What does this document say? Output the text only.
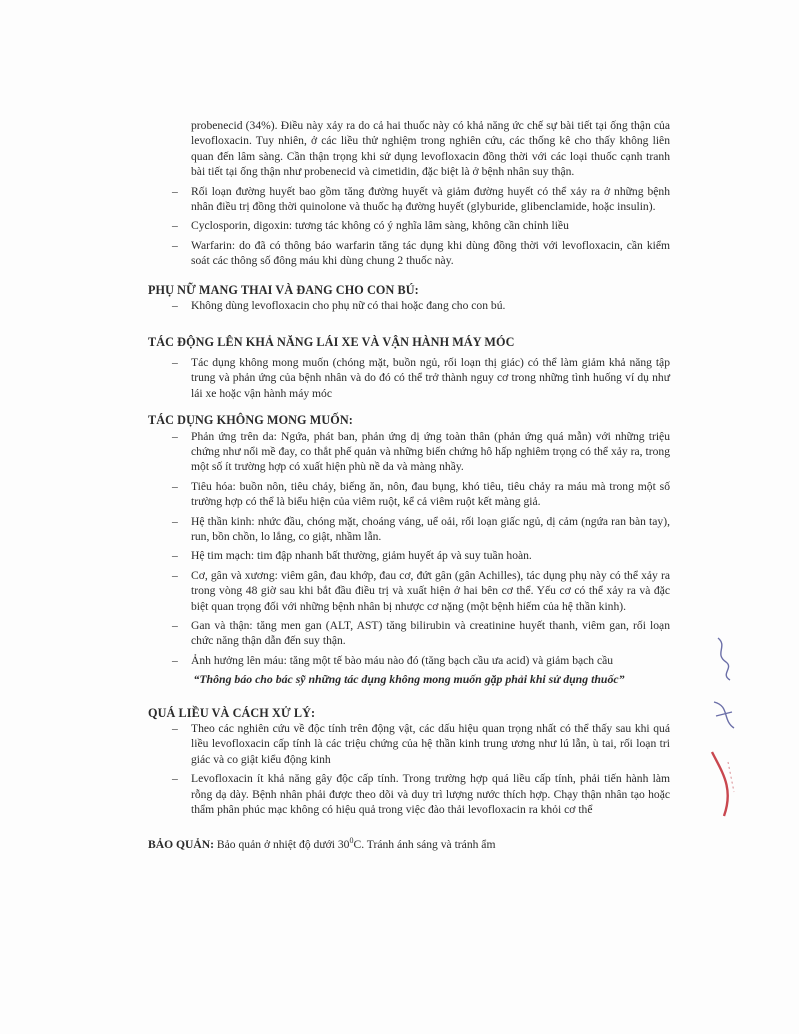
probenecid (34%). Điều này xảy ra do cả hai thuốc này có khả năng ức chế sự bài tiết tại ống thận của levofloxacin. Tuy nhiên, ở các liều thử nghiệm trong nghiên cứu, các thống kê cho thấy không liên quan đến lâm sàng. Cần thận trọng khi sử dụng levofloxacin đồng thời với các loại thuốc cạnh tranh bài tiết tại ống thận như probenecid và cimetidin, đặc biệt là ở bệnh nhân suy thận.

– Rối loạn đường huyết bao gồm tăng đường huyết và giảm đường huyết có thể xảy ra ở những bệnh nhân điều trị đồng thời quinolone và thuốc hạ đường huyết (glyburide, glibenclamide, hoặc insulin).

– Cyclosporin, digoxin: tương tác không có ý nghĩa lâm sàng, không cần chỉnh liều

– Warfarin: do đã có thông báo warfarin tăng tác dụng khi dùng đồng thời với levofloxacin, cần kiểm soát các thông số đông máu khi dùng chung 2 thuốc này.

PHỤ NỮ MANG THAI VÀ ĐANG CHO CON BÚ:

– Không dùng levofloxacin cho phụ nữ có thai hoặc đang cho con bú.

TÁC ĐỘNG LÊN KHẢ NĂNG LÁI XE VÀ VẬN HÀNH MÁY MÓC

– Tác dụng không mong muốn (chóng mặt, buồn ngủ, rối loạn thị giác) có thể làm giảm khả năng tập trung và phản ứng của bệnh nhân và do đó có thể trở thành nguy cơ trong những tình huống ví dụ như lái xe hoặc vận hành máy móc

TÁC DỤNG KHÔNG MONG MUỐN:

– Phản ứng trên da: Ngứa, phát ban, phản ứng dị ứng toàn thân (phản ứng quá mẫn) với những triệu chứng như nổi mề đay, co thắt phế quản và những biến chứng hô hấp nghiêm trọng có thể xảy ra, trong một số ít trường hợp có xuất hiện phù nề da và màng nhầy.

– Tiêu hóa: buồn nôn, tiêu chảy, biếng ăn, nôn, đau bụng, khó tiêu, tiêu chảy ra máu mà trong một số trường hợp có thể là biểu hiện của viêm ruột, kể cả viêm ruột kết màng giả.

– Hệ thần kinh: nhức đầu, chóng mặt, choáng váng, uể oải, rối loạn giấc ngủ, dị cảm (ngứa ran bàn tay), run, bồn chồn, lo lắng, co giật, nhầm lẫn.

– Hệ tim mạch: tim đập nhanh bất thường, giảm huyết áp và suy tuần hoàn.

– Cơ, gân và xương: viêm gân, đau khớp, đau cơ, đứt gân (gân Achilles), tác dụng phụ này có thể xảy ra trong vòng 48 giờ sau khi bắt đầu điều trị và xuất hiện ở hai bên cơ thể. Yếu cơ có thể xảy ra và đặc biệt quan trọng đối với những bệnh nhân bị nhược cơ nặng (một bệnh hiếm của hệ thần kinh).

– Gan và thận: tăng men gan (ALT, AST) tăng bilirubin và creatinine huyết thanh, viêm gan, rối loạn chức năng thận dẫn đến suy thận.

– Ảnh hưởng lên máu: tăng một tế bào máu nào đó (tăng bạch cầu ưa acid) và giảm bạch cầu

“Thông báo cho bác sỹ những tác dụng không mong muốn gặp phải khi sử dụng thuốc”

QUÁ LIỀU VÀ CÁCH XỬ LÝ:

– Theo các nghiên cứu về độc tính trên động vật, các dấu hiệu quan trọng nhất có thể thấy sau khi quá liều levofloxacin cấp tính là các triệu chứng của hệ thần kinh trung ương như lú lẫn, ù tai, rối loạn tri giác và co giật kiểu động kinh

– Levofloxacin ít khả năng gây độc cấp tính. Trong trường hợp quá liều cấp tính, phải tiến hành làm rỗng dạ dày. Bệnh nhân phải được theo dõi và duy trì lượng nước thích hợp. Chạy thận nhân tạo hoặc thẩm phân phúc mạc không có hiệu quả trong việc đào thải levofloxacin ra khỏi cơ thể

BẢO QUẢN: Bảo quản ở nhiệt độ dưới $30^0C$. Tránh ánh sáng và tránh ẩm
